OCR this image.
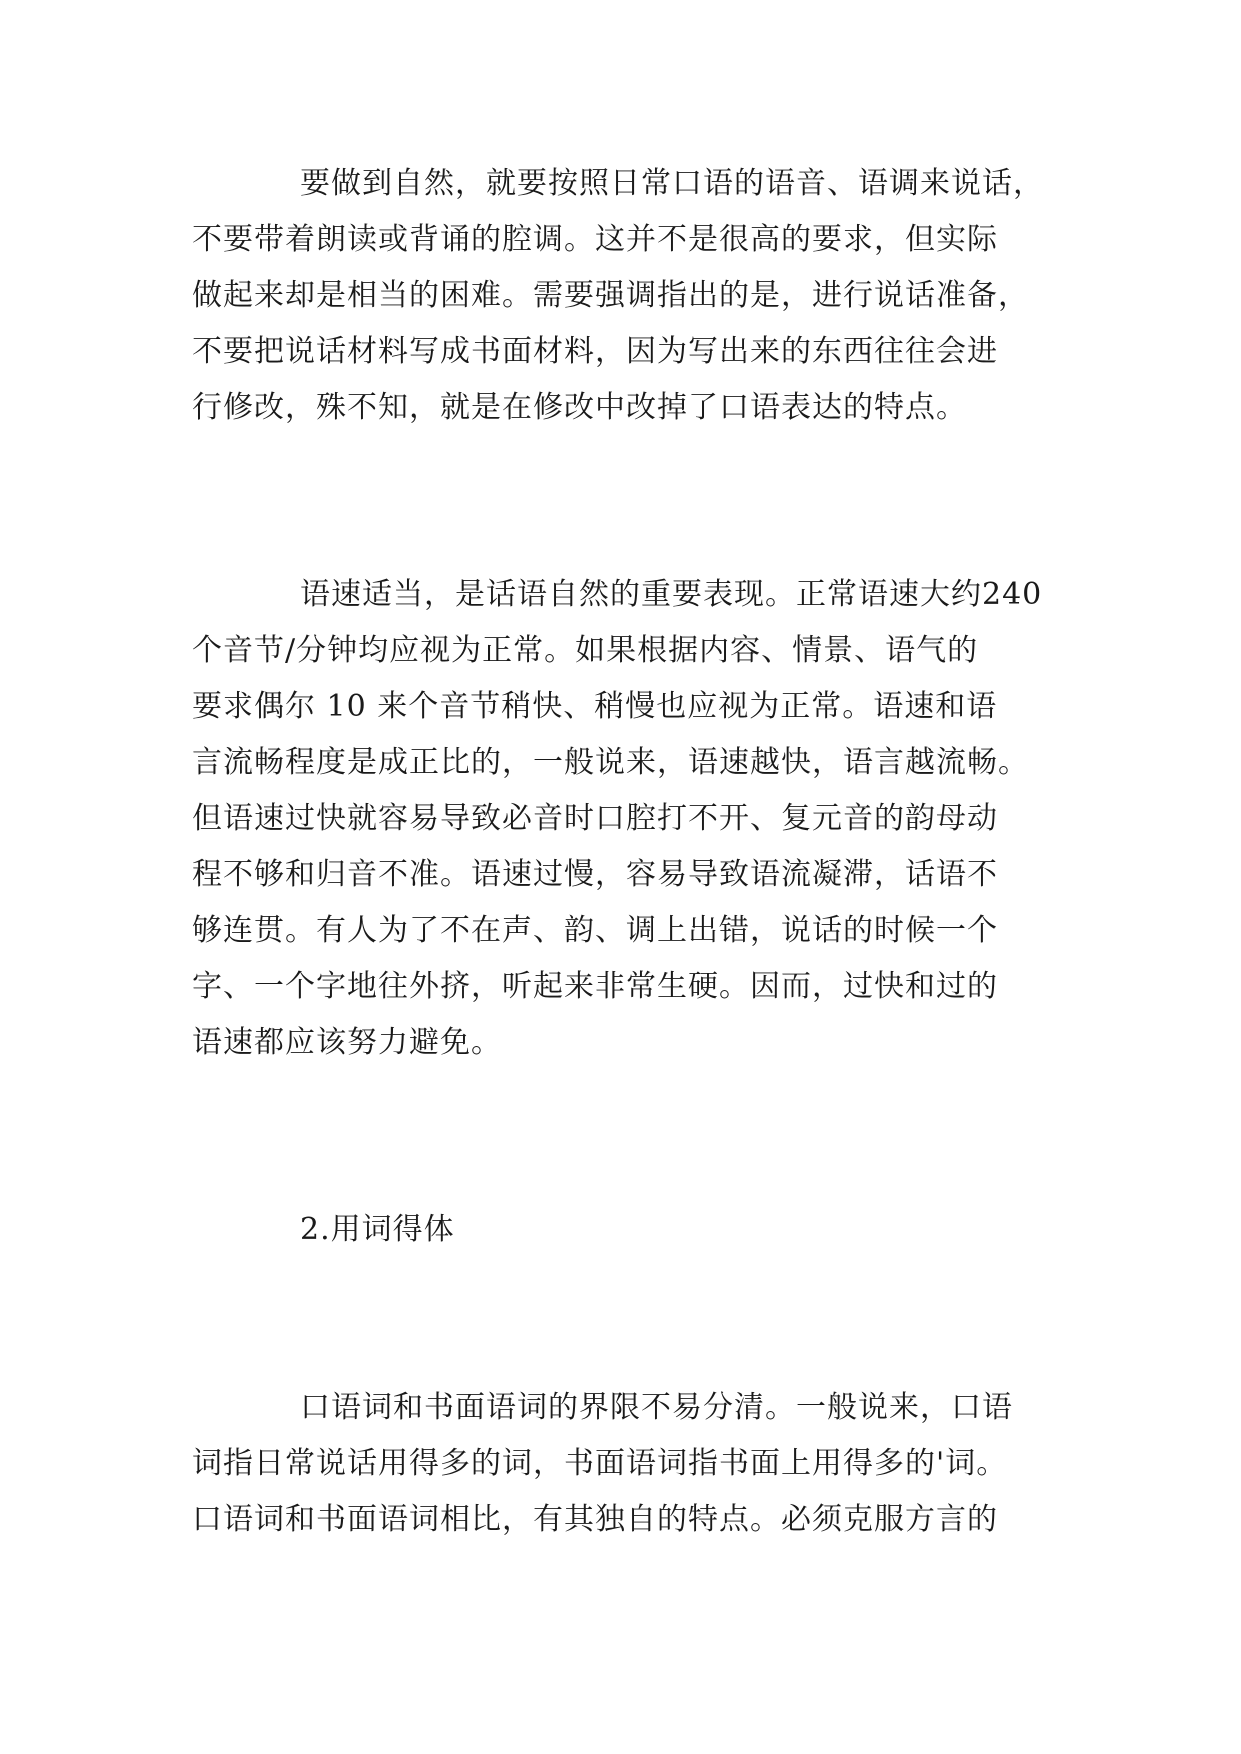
要做到自然，就要按照日常口语的语音、语调来说话，
不要带着朗读或背诵的腔调。这并不是很高的要求，但实际
做起来却是相当的困难。需要强调指出的是，进行说话准备，
不要把说话材料写成书面材料，因为写出来的东西往往会进
行修改，殊不知，就是在修改中改掉了口语表达的特点。
语速适当，是话语自然的重要表现。正常语速大约240
个音节/分钟均应视为正常。如果根据内容、情景、语气的
要求偶尔 10 来个音节稍快、稍慢也应视为正常。语速和语
言流畅程度是成正比的，一般说来，语速越快，语言越流畅。
但语速过快就容易导致必音时口腔打不开、复元音的韵母动
程不够和归音不准。语速过慢，容易导致语流凝滞，话语不
够连贯。有人为了不在声、韵、调上出错，说话的时候一个
字、一个字地往外挤，听起来非常生硬。因而，过快和过的
语速都应该努力避免。
2.用词得体
口语词和书面语词的界限不易分清。一般说来，口语
词指日常说话用得多的词，书面语词指书面上用得多的'词。
口语词和书面语词相比，有其独自的特点。必须克服方言的
